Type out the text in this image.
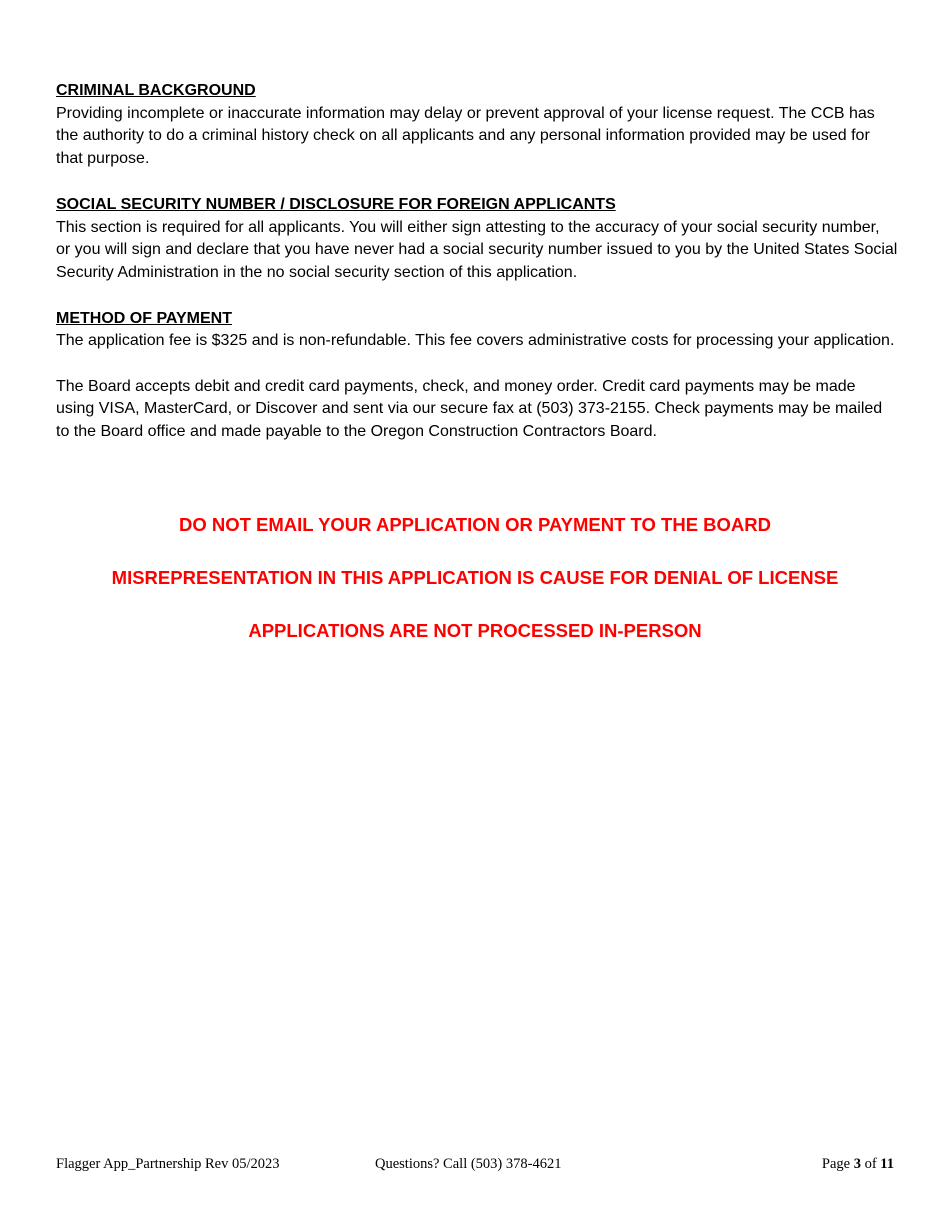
CRIMINAL BACKGROUND

Providing incomplete or inaccurate information may delay or prevent approval of your license request. The CCB has the authority to do a criminal history check on all applicants and any personal information provided may be used for that purpose.

SOCIAL SECURITY NUMBER / DISCLOSURE FOR FOREIGN APPLICANTS

This section is required for all applicants. You will either sign attesting to the accuracy of your social security number, or you will sign and declare that you have never had a social security number issued to you by the United States Social Security Administration in the no social security section of this application.

METHOD OF PAYMENT

The application fee is $325 and is non-refundable. This fee covers administrative costs for processing your application.

The Board accepts debit and credit card payments, check, and money order. Credit card payments may be made using VISA, MasterCard, or Discover and sent via our secure fax at (503) 373-2155. Check payments may be mailed to the Board office and made payable to the Oregon Construction Contractors Board.

DO NOT EMAIL YOUR APPLICATION OR PAYMENT TO THE BOARD

MISREPRESENTATION IN THIS APPLICATION IS CAUSE FOR DENIAL OF LICENSE

APPLICATIONS ARE NOT PROCESSED IN-PERSON

Flagger App_Partnership Rev 05/2023	Questions? Call (503) 378-4621	Page 3 of 11
